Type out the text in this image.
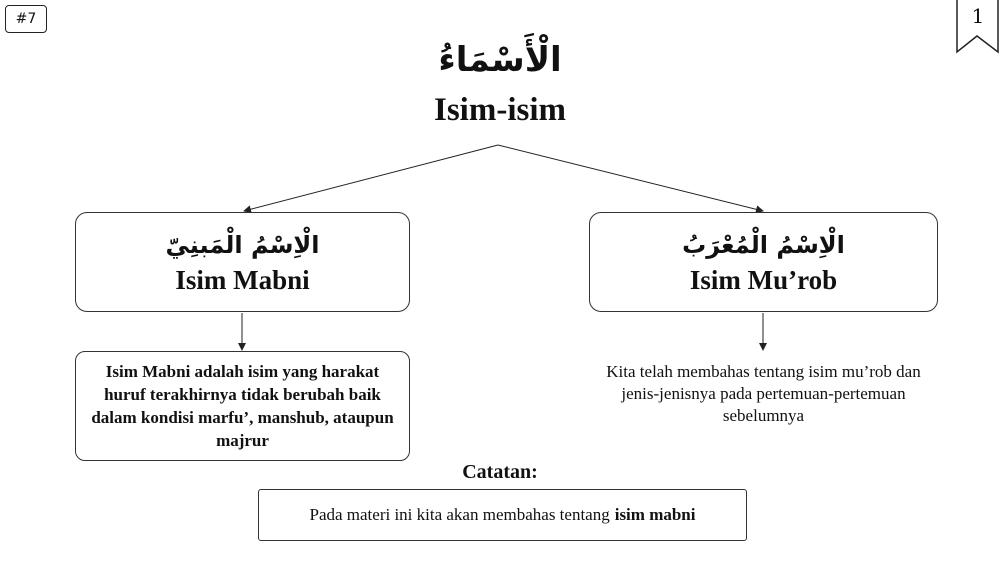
#7	1
الْأَسْمَاءُ
Isim-isim
الْاِسْمُ الْمَبنِيّ
Isim Mabni
الْاِسْمُ الْمُعْرَبُ
Isim Mu’rob
Isim Mabni adalah isim yang harakat huruf terakhirnya tidak berubah baik dalam kondisi marfu’, manshub, ataupun majrur
Kita telah membahas tentang isim mu’rob dan jenis-jenisnya pada pertemuan-pertemuan sebelumnya
Catatan:
Pada materi ini kita akan membahas tentang isim mabni
